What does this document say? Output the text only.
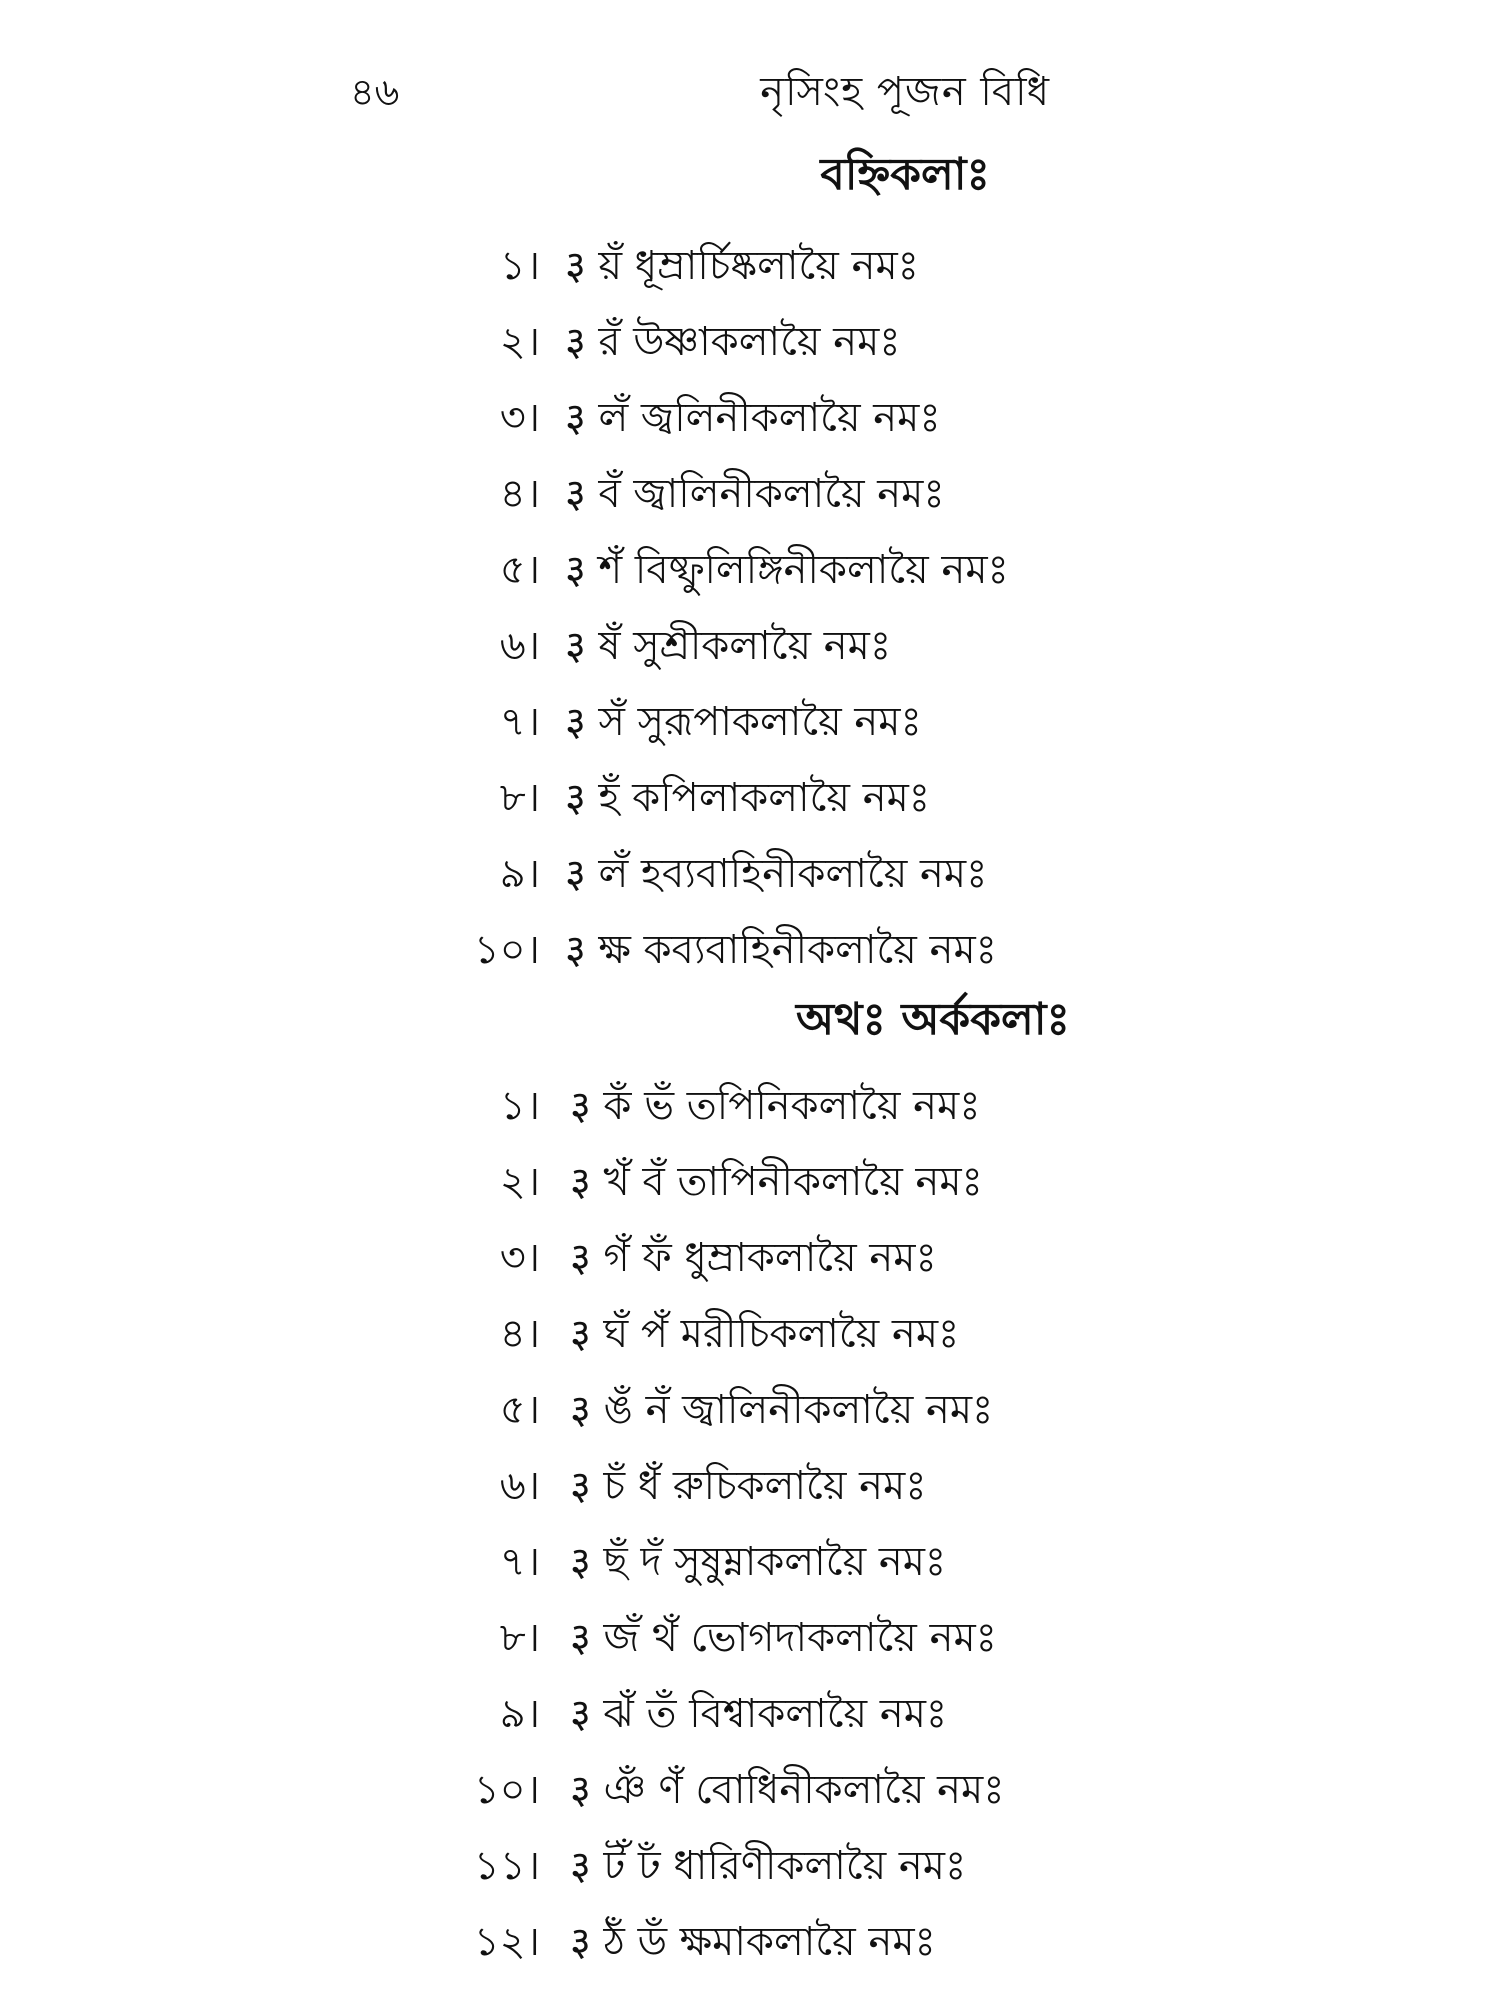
৪৬	নৃসিংহ পূজন বিধি
বহ্নিকলাঃ
১। ३ য়ঁ ধূম্রার্চিষ্কলায়ৈ নমঃ
২। ३ রঁ উষ্ণাকলায়ৈ নমঃ
৩। ३ লঁ জ্বলিনীকলায়ৈ নমঃ
৪। ३ বঁ জ্বালিনীকলায়ৈ নমঃ
৫। ३ শঁ বিষ্ফুলিঙ্গিনীকলায়ৈ নমঃ
৬। ३ ষঁ সুশ্রীকলায়ৈ নমঃ
৭। ३ সঁ সুরূপাকলায়ৈ নমঃ
৮। ३ হঁ কপিলাকলায়ৈ নমঃ
৯। ३ লঁ হব্যবাহিনীকলায়ৈ নমঃ
১০। ३ ক্ষ কব্যবাহিনীকলায়ৈ নমঃ
অথঃ অর্ককলাঃ
১। ३ কঁ ভঁ তপিনিকলায়ৈ নমঃ
২। ३ খঁ বঁ তাপিনীকলায়ৈ নমঃ
৩। ३ গঁ ফঁ ধুম্রাকলায়ৈ নমঃ
৪। ३ ঘঁ পঁ মরীচিকলায়ৈ নমঃ
৫। ३ ঙঁ নঁ জ্বালিনীকলায়ৈ নমঃ
৬। ३ চঁ ধঁ রুচিকলায়ৈ নমঃ
৭। ३ ছঁ দঁ সুষুম্নাকলায়ৈ নমঃ
৮। ३ জঁ থঁ ভোগদাকলায়ৈ নমঃ
৯। ३ ঝঁ তঁ বিশ্বাকলায়ৈ নমঃ
১০। ३ ঞঁ ণঁ বোধিনীকলায়ৈ নমঃ
১১। ३ টঁ ঢঁ ধারিণীকলায়ৈ নমঃ
১২। ३ ঠঁ ডঁ ক্ষমাকলায়ৈ নমঃ
